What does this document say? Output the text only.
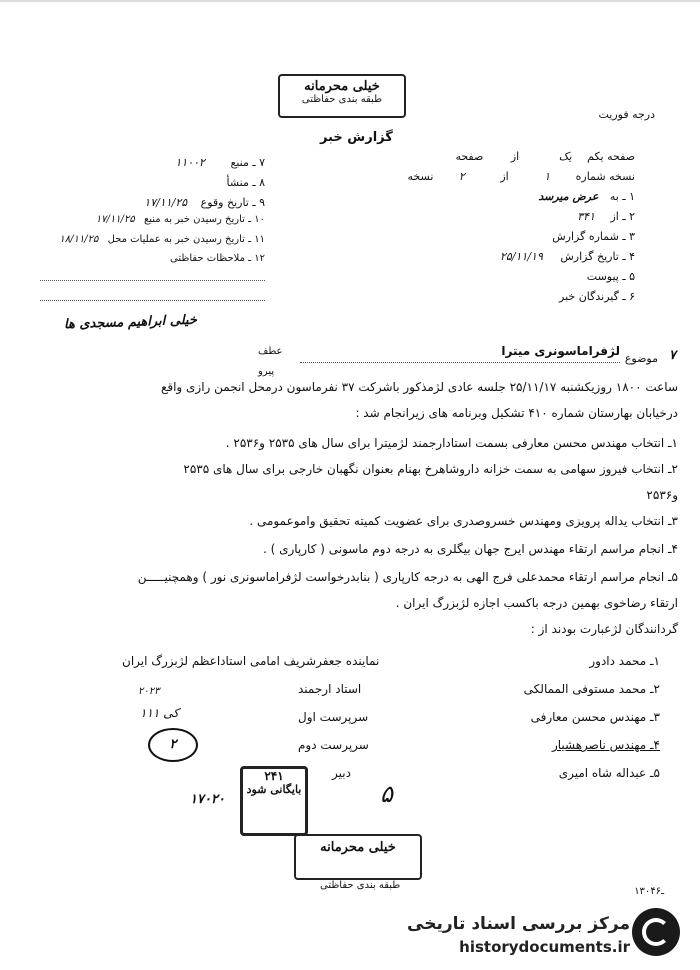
خیلی محرمانه
طبقه بندی حفاظتی
درجه فوریت
گزارش خبر
صفحه یکم یک از صفحه
نسخه شماره ۱ از ۲ نسخه
۱ ـ به عرض میرسد
۲ ـ از ۳۴۱
۳ ـ شماره گزارش
۴ ـ تاریخ گزارش ۲۵/۱۱/۱۹
۵ ـ پیوست
۶ ـ گیرندگان خبر
۷ ـ منبع ۱۱۰۰۲
۸ ـ منشأ
۹ ـ تاریخ وقوع ۱۷/۱۱/۲۵
۱۰ ـ تاریخ رسیدن خبر به منبع ۱۷/۱۱/۲۵
۱۱ ـ تاریخ رسیدن خبر به عملیات محل ۱۸/۱۱/۲۵
۱۲ ـ ملاحظات حفاظتی
خیلی ابراهیم مسجدی ها
عطف
پیرو
موضوع ۷
لژفراماسونری میترا
ساعت ۱۸۰۰ روزیکشنبه ۲۵/۱۱/۱۷ جلسه عادی لژمذکور باشرکت ۳۷ نفرماسون درمحل انجمن رازی واقع
درخیابان بهارستان شماره ۴۱۰ تشکیل وبرنامه های زیرانجام شد :
۱ـ انتخاب مهندس محسن معارفی بسمت استادارجمند لژمیترا برای سال های ۲۵۳۵ و۲۵۳۶ .
۲ـ انتخاب فیروز سهامی به سمت خزانه داروشاهرخ بهنام بعنوان نگهبان خارجی برای سال های ۲۵۳۵
و۲۵۳۶
۳ـ انتخاب یداله پرویزی ومهندس خسروصدری برای عضویت کمیته تحقیق واموعمومی .
۴ـ انجام مراسم ارتقاء مهندس ایرج جهان بیگلری به درجه دوم ماسونی ( کارپاری ) .
۵ـ انجام مراسم ارتقاء محمدعلی فرج الهی به درجه کارپاری ( بنابدرخواست لژفراماسونری نور ) وهمچنیـــــن
ارتقاء رضاخوی بهمین درجه باکسب اجازه لژبزرگ ایران .
گردانندگان لژعبارت بودند از :
۱ـ محمد دادور
۲ـ محمد مستوفی الممالکی
۳ـ مهندس محسن معارفی
۴ـ مهندس ناصرهشیار
۵ـ عبداله شاه امیری
نماینده جعفرشریف امامی استاداعظم لژبزرگ ایران
استاد ارجمند
سرپرست اول
سرپرست دوم
دبیر
۲۰۲۳
۱۱۱ کی
۲
۵
۲۴۱
بایگانی شود
۱۷۰۲۰
خیلی محرمانه
طبقه بندی حفاظتی
۱۳۰ـ۴۶
مرکز بررسی اسناد تاریخی
historydocuments.ir
